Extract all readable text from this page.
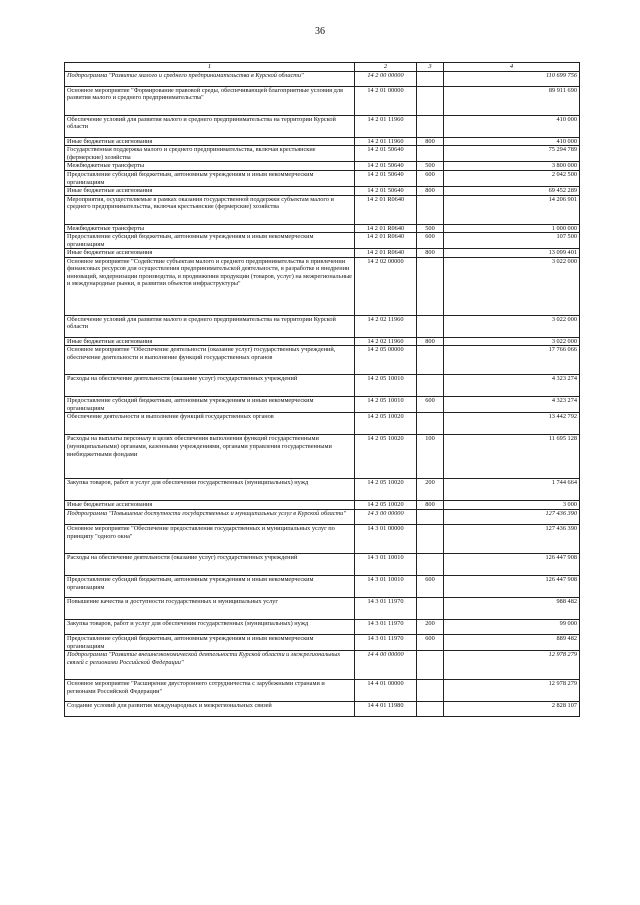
36
1	2	3	4
Подпрограмма "Развитие малого и среднего предпринимательства в Курской области"	14 2 00 00000		110 699 756
Основное мероприятие "Формирование правовой среды, обеспечивающей благоприятные условия для развития малого и среднего предпринимательства"	14 2 01 00000		89 911 690
Обеспечение условий для развития малого и среднего предпринимательства на территории Курской области	14 2 01 11960		410 000
Иные бюджетные ассигнования	14 2 01 11960	800	410 000
Государственная поддержка малого и среднего предпринимательства, включая крестьянские (фермерские) хозяйства	14 2 01 50640		75 294 789
Межбюджетные трансферты	14 2 01 50640	500	3 800 000
Предоставление субсидий бюджетным, автономным учреждениям и иным некоммерческим организациям	14 2 01 50640	600	2 042 500
Иные бюджетные ассигнования	14 2 01 50640	800	69 452 289
Мероприятия, осуществляемые в рамках оказания государственной поддержки субъектам малого и среднего предпринимательства, включая крестьянские (фермерские) хозяйства	14 2 01 R0640		14 206 901
Межбюджетные трансферты	14 2 01 R0640	500	1 000 000
Предоставление субсидий бюджетным, автономным учреждениям и иным некоммерческим организациям	14 2 01 R0640	600	107 500
Иные бюджетные ассигнования	14 2 01 R0640	800	13 099 401
Основное мероприятие "Содействие субъектам малого и среднего предпринимательства в привлечении финансовых ресурсов для осуществления предпринимательской деятельности, в разработке и внедрении инноваций, модернизации производства, в продвижении продукции (товаров, услуг) на межрегиональные и международные рынки, в развитии объектов инфраструктуры"	14 2 02 00000		3 022 000
Обеспечение условий для развития малого и среднего предпринимательства на территории Курской области	14 2 02 11960		3 022 000
Иные бюджетные ассигнования	14 2 02 11960	800	3 022 000
Основное мероприятие "Обеспечение деятельности (оказание услуг) государственных учреждений, обеспечение деятельности и выполнение функций государственных органов	14 2 05 00000		17 766 066
Расходы на обеспечение деятельности (оказание услуг) государственных учреждений	14 2 05 10010		4 323 274
Предоставление субсидий бюджетным, автономным учреждениям и иным некоммерческим организациям	14 2 05 10010	600	4 323 274
Обеспечение деятельности и выполнение функций государственных органов	14 2 05 10020		13 442 792
Расходы на выплаты персоналу в целях обеспечения выполнения функций государственными (муниципальными) органами, казенными учреждениями, органами управления государственными внебюджетными фондами	14 2 05 10020	100	11 695 128
Закупка товаров, работ и услуг для обеспечения государственных (муниципальных) нужд	14 2 05 10020	200	1 744 664
Иные бюджетные ассигнования	14 2 05 10020	800	3 000
Подпрограмма "Повышение доступности государственных и муниципальных услуг в Курской области"	14 3 00 00000		127 436 390
Основное мероприятие "Обеспечение предоставления государственных и муниципальных услуг по принципу "одного окна"	14 3 01 00000		127 436 390
Расходы на обеспечение деятельности (оказание услуг) государственных учреждений	14 3 01 10010		126 447 908
Предоставление субсидий бюджетным, автономным учреждениям и иным некоммерческим организациям	14 3 01 10010	600	126 447 908
Повышение качества и доступности государственных и муниципальных услуг	14 3 01 11970		988 482
Закупка товаров, работ и услуг для обеспечения государственных (муниципальных) нужд	14 3 01 11970	200	99 000
Предоставление субсидий бюджетным, автономным учреждениям и иным некоммерческим организациям	14 3 01 11970	600	889 482
Подпрограмма "Развитие внешнеэкономической деятельности Курской области и межрегиональных связей с регионами Российской Федерации"	14 4 00 00000		12 978 279
Основное мероприятие "Расширение двустороннего сотрудничества с зарубежными странами и регионами Российской Федерации"	14 4 01 00000		12 978 279
Создание условий для развития международных и межрегиональных связей	14 4 01 11980		2 828 107
